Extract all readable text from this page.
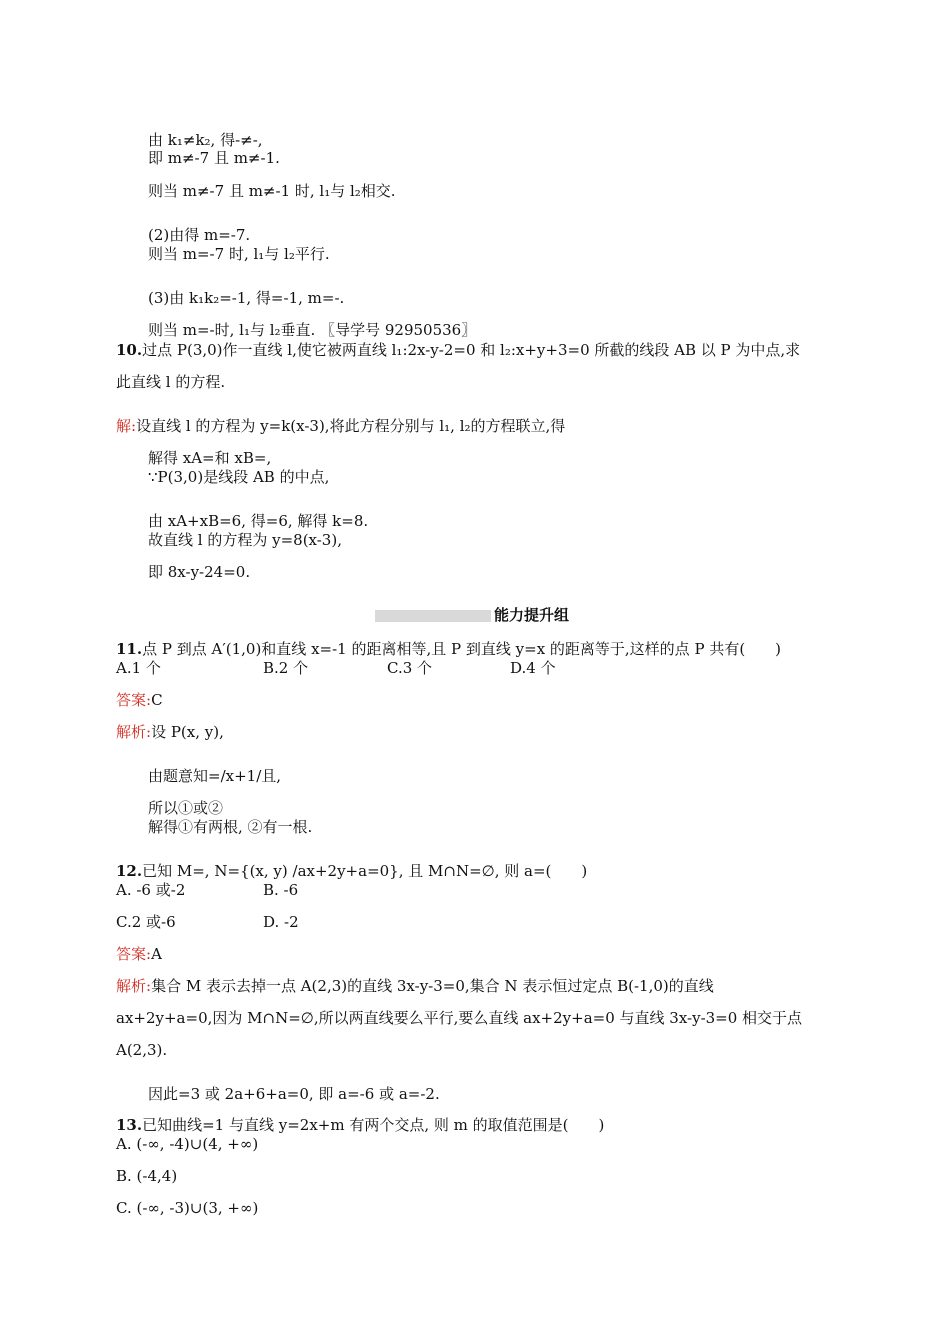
由 k₁≠k₂, 得-≠-,
即 m≠-7 且 m≠-1.
则当 m≠-7 且 m≠-1 时, l₁与 l₂相交.
(2)由得 m=-7.
则当 m=-7 时, l₁与 l₂平行.
(3)由 k₁k₂=-1, 得=-1, m=-.
则当 m=-时, l₁与 l₂垂直. 〖导学号 92950536〗
10.过点 P(3,0)作一直线 l,使它被两直线 l₁:2x-y-2=0 和 l₂:x+y+3=0 所截的线段 AB 以 P 为中点,求
此直线 l 的方程.
解:设直线 l 的方程为 y=k(x-3),将此方程分别与 l₁, l₂的方程联立,得
解得 xA=和 xB=,
∵P(3,0)是线段 AB 的中点,
由 xA+xB=6, 得=6, 解得 k=8.
故直线 l 的方程为 y=8(x-3),
即 8x-y-24=0.
能力提升组
11.点 P 到点 A′(1,0)和直线 x=-1 的距离相等,且 P 到直线 y=x 的距离等于,这样的点 P 共有(　　)
A.1 个	B.2 个	C.3 个	D.4 个
答案:C
解析:设 P(x, y),
由题意知=/x+1/且,
所以①或②
解得①有两根, ②有一根.
12.已知 M=, N={(x, y) /ax+2y+a=0}, 且 M∩N=∅, 则 a=(　　)
A. -6 或-2	B. -6
C.2 或-6	D. -2
答案:A
解析:集合 M 表示去掉一点 A(2,3)的直线 3x-y-3=0,集合 N 表示恒过定点 B(-1,0)的直线
ax+2y+a=0,因为 M∩N=∅,所以两直线要么平行,要么直线 ax+2y+a=0 与直线 3x-y-3=0 相交于点
A(2,3).
因此=3 或 2a+6+a=0, 即 a=-6 或 a=-2.
13.已知曲线=1 与直线 y=2x+m 有两个交点, 则 m 的取值范围是(　　)
A. (-∞, -4)∪(4, +∞)
B. (-4,4)
C. (-∞, -3)∪(3, +∞)
